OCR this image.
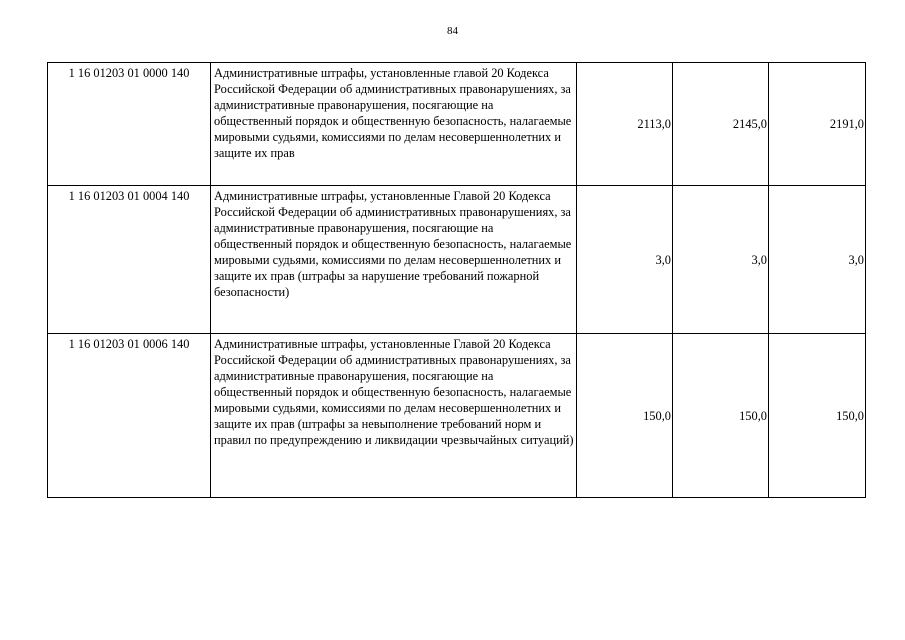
84
1 16 01203 01 0000 140	Административные штрафы, установленные главой 20 Кодекса Российской Федерации об административных правонарушениях, за административные правонарушения, посягающие на общественный порядок и общественную безопасность, налагаемые мировыми судьями, комиссиями по делам несовершеннолетних и защите их прав	2113,0	2145,0	2191,0
1 16 01203 01 0004 140	Административные штрафы, установленные Главой 20 Кодекса Российской Федерации об административных правонарушениях, за административные правонарушения, посягающие на общественный порядок и общественную безопасность, налагаемые мировыми судьями, комиссиями по делам несовершеннолетних и защите их прав (штрафы за нарушение требований пожарной безопасности)	3,0	3,0	3,0
1 16 01203 01 0006 140	Административные штрафы, установленные Главой 20 Кодекса Российской Федерации об административных правонарушениях, за административные правонарушения, посягающие на общественный порядок и общественную безопасность, налагаемые мировыми судьями, комиссиями по делам несовершеннолетних и защите их прав (штрафы за невыполнение требований норм и правил по предупреждению и ликвидации чрезвычайных ситуаций)	150,0	150,0	150,0
